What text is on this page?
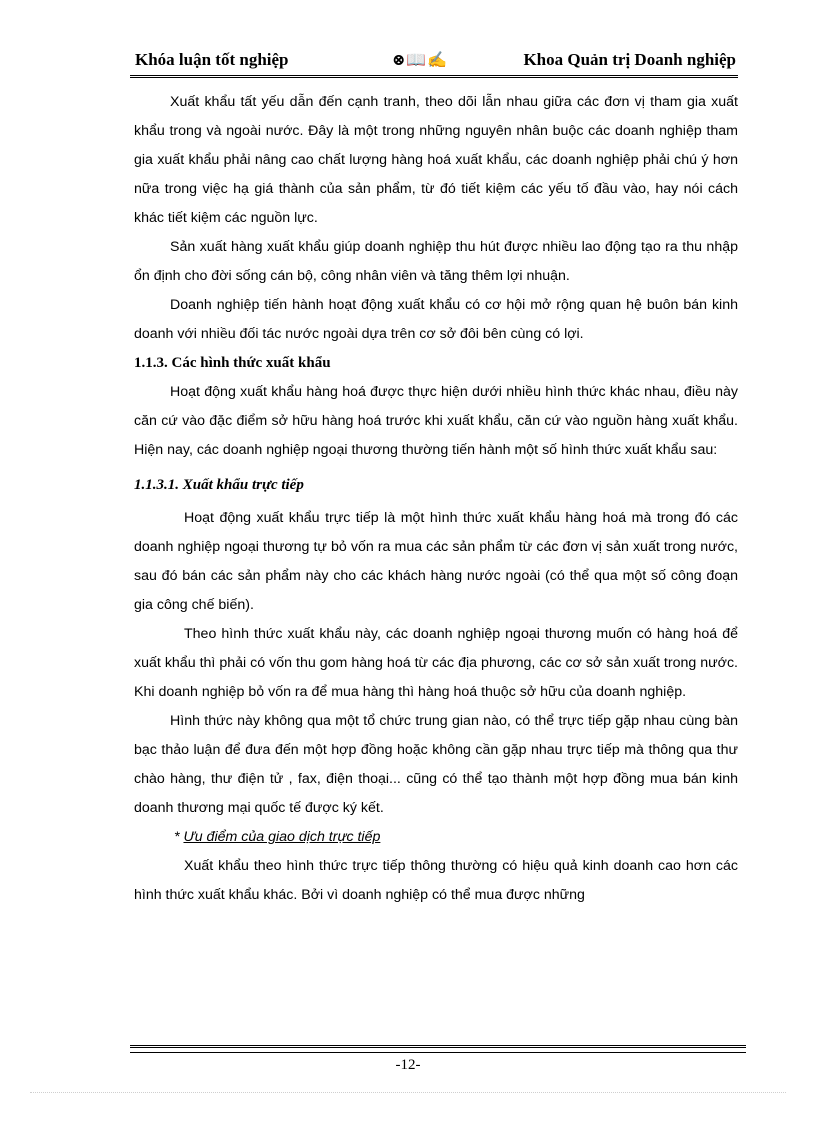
Khóa luận tốt nghiệp	⊗📖✍	Khoa Quản trị Doanh nghiệp

Xuất khẩu tất yếu dẫn đến cạnh tranh, theo dõi lẫn nhau giữa các đơn vị tham gia xuất khẩu trong và ngoài nước. Đây là một trong những nguyên nhân buộc các doanh nghiệp tham gia xuất khẩu phải nâng cao chất lượng hàng hoá xuất khẩu, các doanh nghiệp phải chú ý hơn nữa trong việc hạ giá thành của sản phẩm, từ đó tiết kiệm các yếu tố đầu vào, hay nói cách khác tiết kiệm các nguồn lực.

Sản xuất hàng xuất khẩu giúp doanh nghiệp thu hút được nhiều lao động tạo ra thu nhập ổn định cho đời sống cán bộ, công nhân viên và tăng thêm lợi nhuận.

Doanh nghiệp tiến hành hoạt động xuất khẩu có cơ hội mở rộng quan hệ buôn bán kinh doanh với nhiều đối tác nước ngoài dựa trên cơ sở đôi bên cùng có lợi.

1.1.3. Các hình thức xuất khẩu

Hoạt động xuất khẩu hàng hoá được thực hiện dưới nhiều hình thức khác nhau, điều này căn cứ vào đặc điểm sở hữu hàng hoá trước khi xuất khẩu, căn cứ vào nguồn hàng xuất khẩu. Hiện nay, các doanh nghiệp ngoại thương thường tiến hành một số hình thức xuất khẩu sau:

1.1.3.1. Xuất khẩu trực tiếp

Hoạt động xuất khẩu trực tiếp là một hình thức xuất khẩu hàng hoá mà trong đó các doanh nghiệp ngoại thương tự bỏ vốn ra mua các sản phẩm từ các đơn vị sản xuất trong nước, sau đó bán các sản phẩm này cho các khách hàng nước ngoài (có thể qua một số công đoạn gia công chế biến).

Theo hình thức xuất khẩu này, các doanh nghiệp ngoại thương muốn có hàng hoá để xuất khẩu thì phải có vốn thu gom hàng hoá từ các địa phương, các cơ sở sản xuất trong nước. Khi doanh nghiệp bỏ vốn ra để mua hàng thì hàng hoá thuộc sở hữu của doanh nghiệp.

Hình thức này không qua một tổ chức trung gian nào, có thể trực tiếp gặp nhau cùng bàn bạc thảo luận để đưa đến một hợp đồng hoặc không cần gặp nhau trực tiếp mà thông qua thư chào hàng, thư điện tử , fax, điện thoại... cũng có thể tạo thành một hợp đồng mua bán kinh doanh thương mại quốc tế được ký kết.

* Ưu điểm của giao dịch trực tiếp

Xuất khẩu theo hình thức trực tiếp thông thường có hiệu quả kinh doanh cao hơn các hình thức xuất khẩu khác. Bởi vì doanh nghiệp có thể mua được những

-12-
